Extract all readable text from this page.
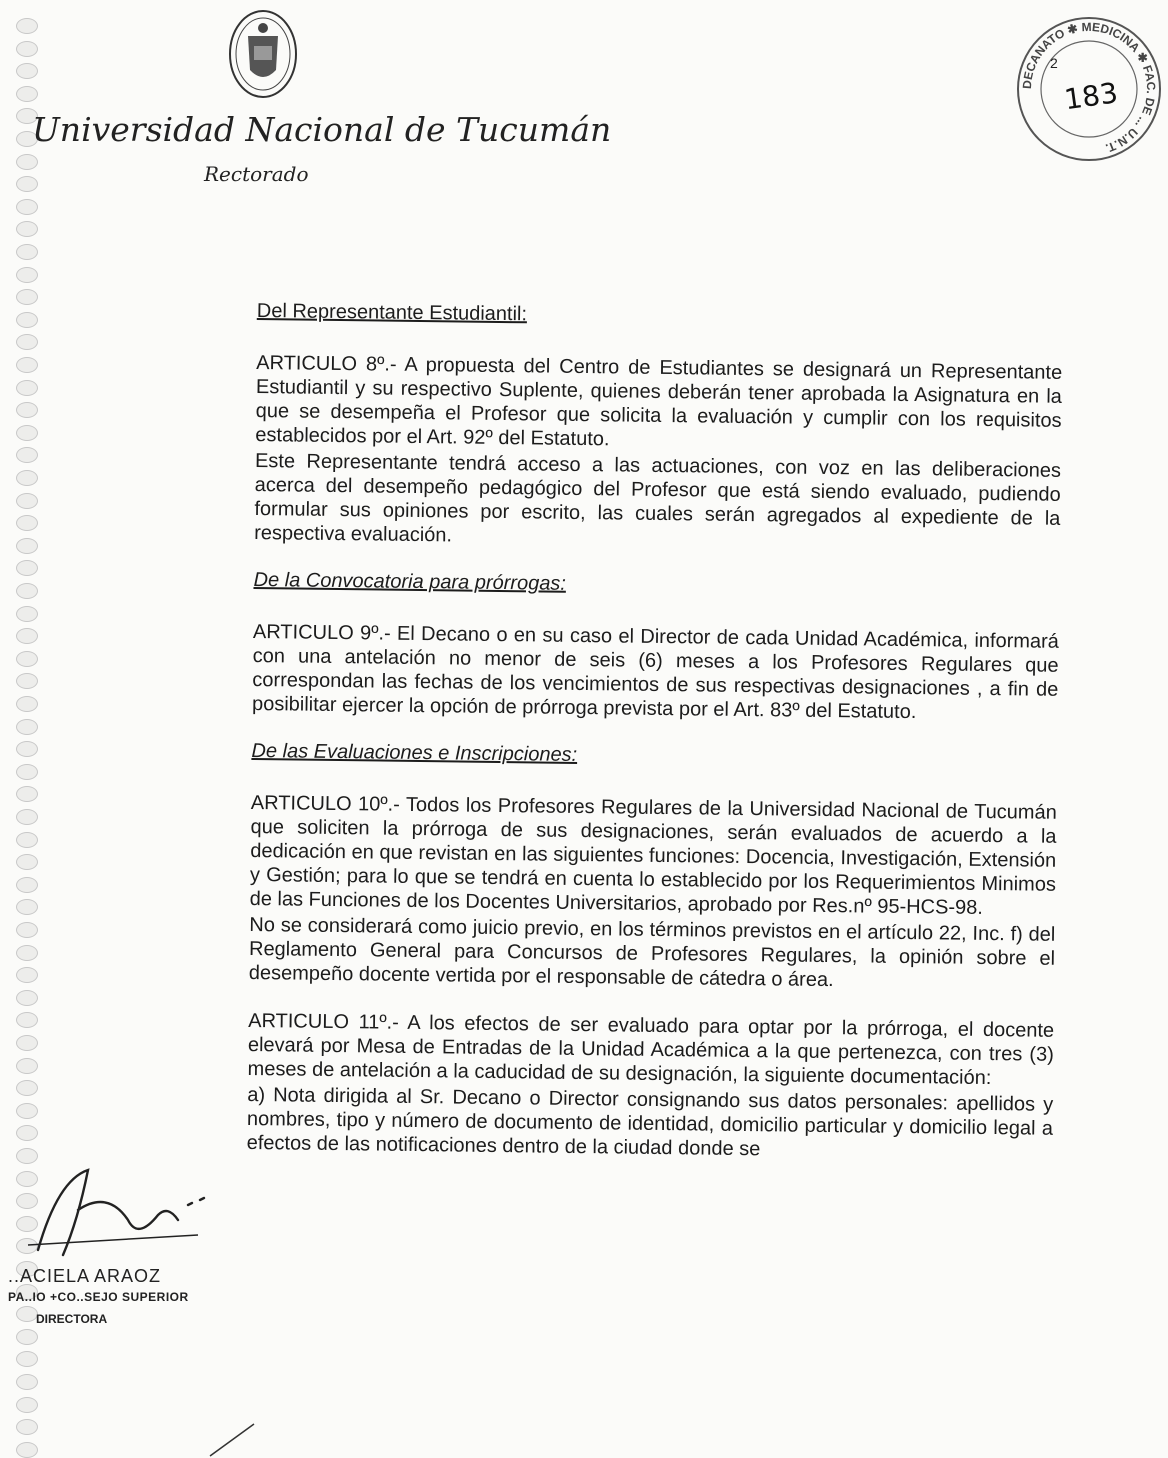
Universidad Nacional de Tucumán
Rectorado
DECANATO ✱ MEDICINA ✱ FAC. DE ... U.N.T.
2
183
Del Representante Estudiantil:

ARTICULO 8º.- A propuesta del Centro de Estudiantes se designará un Representante Estudiantil y su respectivo Suplente, quienes deberán tener aprobada la Asignatura en la que se desempeña el Profesor que solicita la evaluación y cumplir con los requisitos establecidos por el Art. 92º del Estatuto.

Este Representante tendrá acceso a las actuaciones, con voz en las deliberaciones acerca del desempeño pedagógico del Profesor que está siendo evaluado, pudiendo formular sus opiniones por escrito, las cuales serán agregados al expediente de la respectiva evaluación.

De la Convocatoria para prórrogas:

ARTICULO 9º.- El Decano o en su caso el Director de cada Unidad Académica, informará con una antelación no menor de seis (6) meses a los Profesores Regulares que correspondan las fechas de los vencimientos de sus respectivas designaciones , a fin de posibilitar ejercer la opción de prórroga prevista por el Art. 83º del Estatuto.

De las Evaluaciones e Inscripciones:

ARTICULO 10º.- Todos los Profesores Regulares de la Universidad Nacional de Tucumán que soliciten la prórroga de sus designaciones, serán evaluados de acuerdo a la dedicación en que revistan en las siguientes funciones: Docencia, Investigación, Extensión y Gestión; para lo que se tendrá en cuenta lo establecido por los Requerimientos Minimos de las Funciones de los Docentes Universitarios, aprobado por Res.nº 95-HCS-98.

No se considerará como juicio previo, en los términos previstos en el artículo 22, Inc. f) del Reglamento General para Concursos de Profesores Regulares, la opinión sobre el desempeño docente vertida por el responsable de cátedra o área.

ARTICULO 11º.- A los efectos de ser evaluado para optar por la prórroga, el docente elevará por Mesa de Entradas de la Unidad Académica a la que pertenezca, con tres (3) meses de antelación a la caducidad de su designación, la siguiente documentación:

a) Nota dirigida al Sr. Decano o Director consignando sus datos personales: apellidos y nombres, tipo y número de documento de identidad, domicilio particular y domicilio legal a efectos de las notificaciones dentro de la ciudad donde se

..ACIELA ARAOZ
PA..IO +CO..SEJO SUPERIOR
DIRECTORA
